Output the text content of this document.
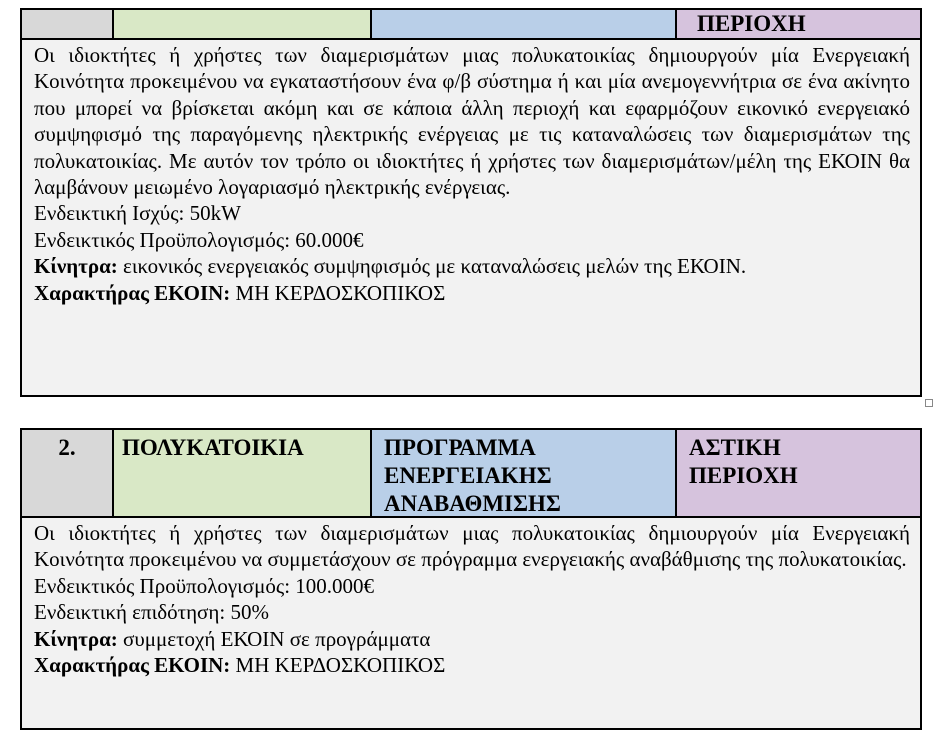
ΠΕΡΙΟΧΗ

Οι ιδιοκτήτες ή χρήστες των διαμερισμάτων μιας πολυκατοικίας δημιουργούν μία Ενεργειακή Κοινότητα προκειμένου να εγκαταστήσουν ένα φ/β σύστημα ή και μία ανεμογεννήτρια σε ένα ακίνητο που μπορεί να βρίσκεται ακόμη και σε κάποια άλλη περιοχή και εφαρμόζουν εικονικό ενεργειακό συμψηφισμό της παραγόμενης ηλεκτρικής ενέργειας με τις καταναλώσεις των διαμερισμάτων της πολυκατοικίας. Με αυτόν τον τρόπο οι ιδιοκτήτες ή χρήστες των διαμερισμάτων/μέλη της ΕΚΟΙΝ θα λαμβάνουν μειωμένο λογαριασμό ηλεκτρικής ενέργειας.

Ενδεικτική Ισχύς: 50kW

Ενδεικτικός Προϋπολογισμός: 60.000€

Κίνητρα: εικονικός ενεργειακός συμψηφισμός με καταναλώσεις μελών της ΕΚΟΙΝ.

Χαρακτήρας ΕΚΟΙΝ: ΜΗ ΚΕΡΔΟΣΚΟΠΙΚΟΣ

2.	ΠΟΛΥΚΑΤΟΙΚΙΑ	ΠΡΟΓΡΑΜΜΑ ΕΝΕΡΓΕΙΑΚΗΣ ΑΝΑΒΑΘΜΙΣΗΣ
ΑΣΤΙΚΗ ΠΕΡΙΟΧΗ

Οι ιδιοκτήτες ή χρήστες των διαμερισμάτων μιας πολυκατοικίας δημιουργούν μία Ενεργειακή Κοινότητα προκειμένου να συμμετάσχουν σε πρόγραμμα ενεργειακής αναβάθμισης της πολυκατοικίας.

Ενδεικτικός Προϋπολογισμός: 100.000€

Ενδεικτική επιδότηση: 50%

Κίνητρα: συμμετοχή ΕΚΟΙΝ σε προγράμματα

Χαρακτήρας ΕΚΟΙΝ: ΜΗ ΚΕΡΔΟΣΚΟΠΙΚΟΣ
